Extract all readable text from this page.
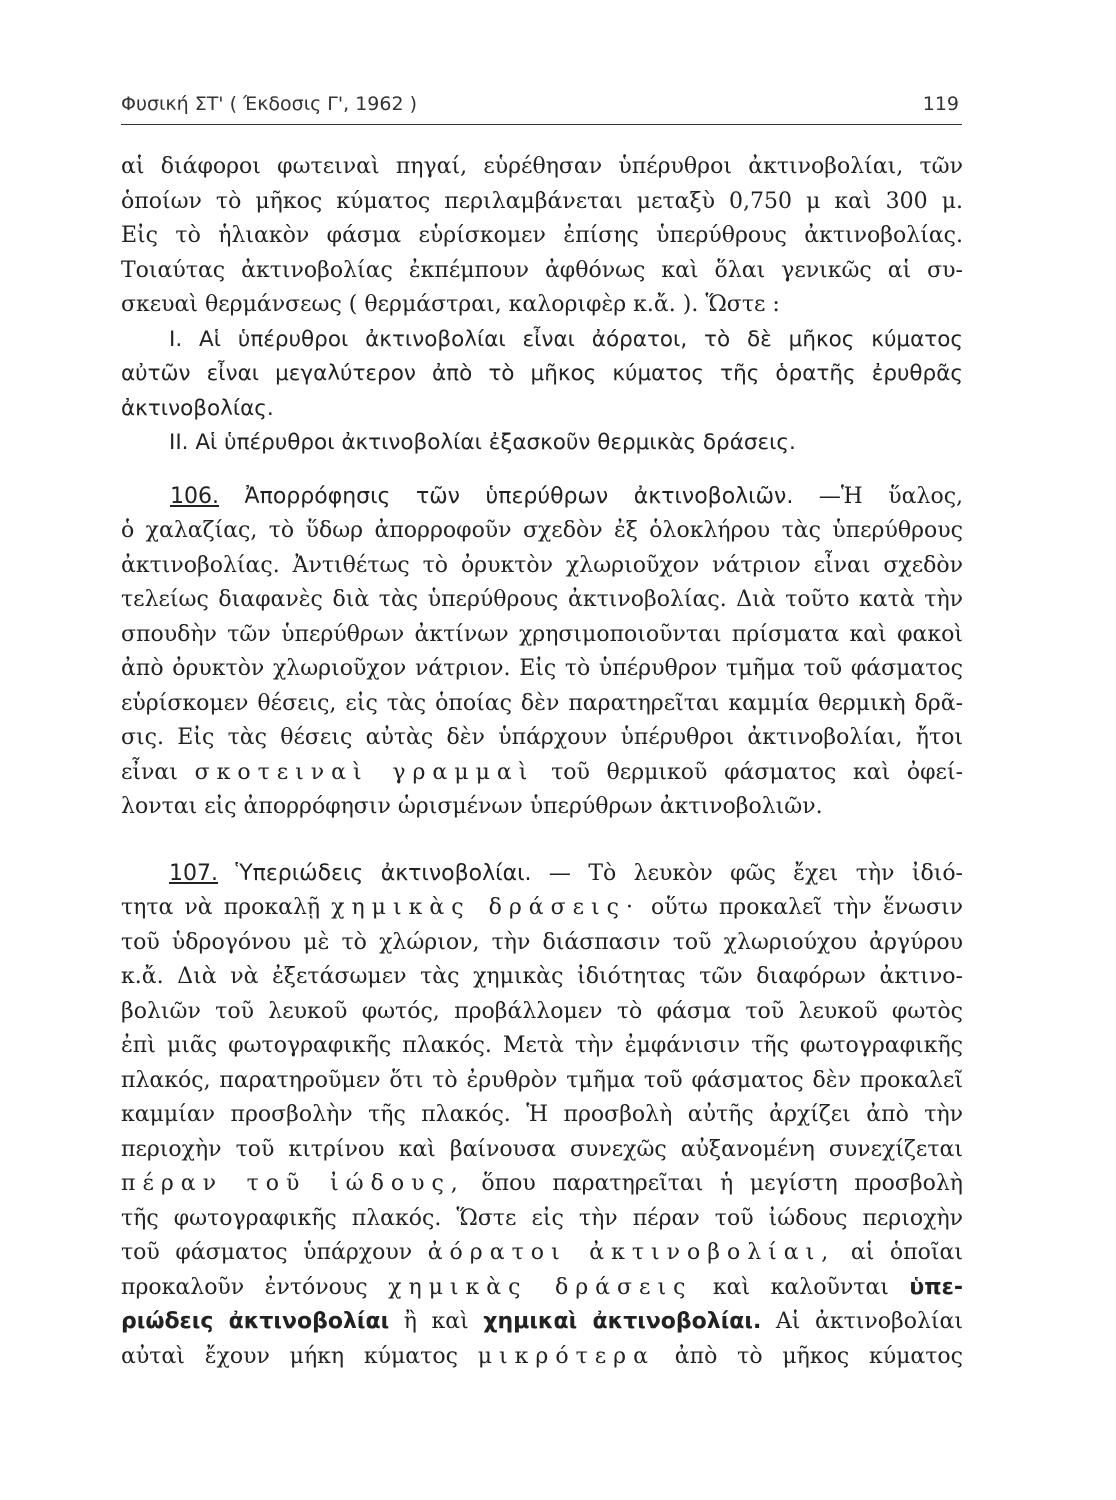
Φυσική ΣΤ' ( Έκδοσις Γ', 1962 )	119
αἱ διάφοροι φωτειναὶ πηγαί, εὑρέθησαν ὑπέρυθροι ἀκτινοβολίαι, τῶν
ὁποίων τὸ μῆκος κύματος περιλαμβάνεται μεταξὺ 0,750 μ καὶ 300 μ.
Εἰς τὸ ἡλιακὸν φάσμα εὑρίσκομεν ἐπίσης ὑπερύθρους ἀκτινοβολίας.
Τοιαύτας ἀκτινοβολίας ἐκπέμπουν ἀφθόνως καὶ ὅλαι γενικῶς αἱ συ-
σκευαὶ θερμάνσεως ( θερμάστραι, καλοριφὲρ κ.ἄ. ). Ὥστε :
I. Αἱ ὑπέρυθροι ἀκτινοβολίαι εἶναι ἀόρατοι, τὸ δὲ μῆκος κύματος
αὐτῶν εἶναι μεγαλύτερον ἀπὸ τὸ μῆκος κύματος τῆς ὁρατῆς ἐρυθρᾶς
ἀκτινοβολίας.
II. Αἱ ὑπέρυθροι ἀκτινοβολίαι ἐξασκοῦν θερμικὰς δράσεις.
106. Ἀπορρόφησις τῶν ὑπερύθρων ἀκτινοβολιῶν. —Ἡ ὕαλος,
ὁ χαλαζίας, τὸ ὕδωρ ἀπορροφοῦν σχεδὸν ἐξ ὁλοκλήρου τὰς ὑπερύθρους
ἀκτινοβολίας. Ἀντιθέτως τὸ ὀρυκτὸν χλωριοῦχον νάτριον εἶναι σχεδὸν
τελείως διαφανὲς διὰ τὰς ὑπερύθρους ἀκτινοβολίας. Διὰ τοῦτο κατὰ τὴν
σπουδὴν τῶν ὑπερύθρων ἀκτίνων χρησιμοποιοῦνται πρίσματα καὶ φακοὶ
ἀπὸ ὀρυκτὸν χλωριοῦχον νάτριον. Εἰς τὸ ὑπέρυθρον τμῆμα τοῦ φάσματος
εὑρίσκομεν θέσεις, εἰς τὰς ὁποίας δὲν παρατηρεῖται καμμία θερμικὴ δρᾶ-
σις. Εἰς τὰς θέσεις αὐτὰς δὲν ὑπάρχουν ὑπέρυθροι ἀκτινοβολίαι, ἤτοι
εἶναι σκοτειναὶ γραμμαὶ τοῦ θερμικοῦ φάσματος καὶ ὀφεί-
λονται εἰς ἀπορρόφησιν ὡρισμένων ὑπερύθρων ἀκτινοβολιῶν.
107. Ὑπεριώδεις ἀκτινοβολίαι. — Τὸ λευκὸν φῶς ἔχει τὴν ἰδιό-
τητα νὰ προκαλῇ χημικὰς δράσεις· οὕτω προκαλεῖ τὴν ἕνωσιν
τοῦ ὑδρογόνου μὲ τὸ χλώριον, τὴν διάσπασιν τοῦ χλωριούχου ἀργύρου
κ.ἄ. Διὰ νὰ ἐξετάσωμεν τὰς χημικὰς ἰδιότητας τῶν διαφόρων ἀκτινο-
βολιῶν τοῦ λευκοῦ φωτός, προβάλλομεν τὸ φάσμα τοῦ λευκοῦ φωτὸς
ἐπὶ μιᾶς φωτογραφικῆς πλακός. Μετὰ τὴν ἐμφάνισιν τῆς φωτογραφικῆς
πλακός, παρατηροῦμεν ὅτι τὸ ἐρυθρὸν τμῆμα τοῦ φάσματος δὲν προκαλεῖ
καμμίαν προσβολὴν τῆς πλακός. Ἡ προσβολὴ αὐτῆς ἀρχίζει ἀπὸ τὴν
περιοχὴν τοῦ κιτρίνου καὶ βαίνουσα συνεχῶς αὐξανομένη συνεχίζεται
πέραν τοῦ ἰώδους, ὅπου παρατηρεῖται ἡ μεγίστη προσβολὴ
τῆς φωτογραφικῆς πλακός. Ὥστε εἰς τὴν πέραν τοῦ ἰώδους περιοχὴν
τοῦ φάσματος ὑπάρχουν ἀόρατοι ἀκτινοβολίαι, αἱ ὁποῖαι
προκαλοῦν ἐντόνους χημικὰς δράσεις καὶ καλοῦνται ὑπε-
ριώδεις ἀκτινοβολίαι ἢ καὶ χημικαὶ ἀκτινοβολίαι. Αἱ ἀκτινοβολίαι
αὐταὶ ἔχουν μήκη κύματος μικρότερα ἀπὸ τὸ μῆκος κύματος
